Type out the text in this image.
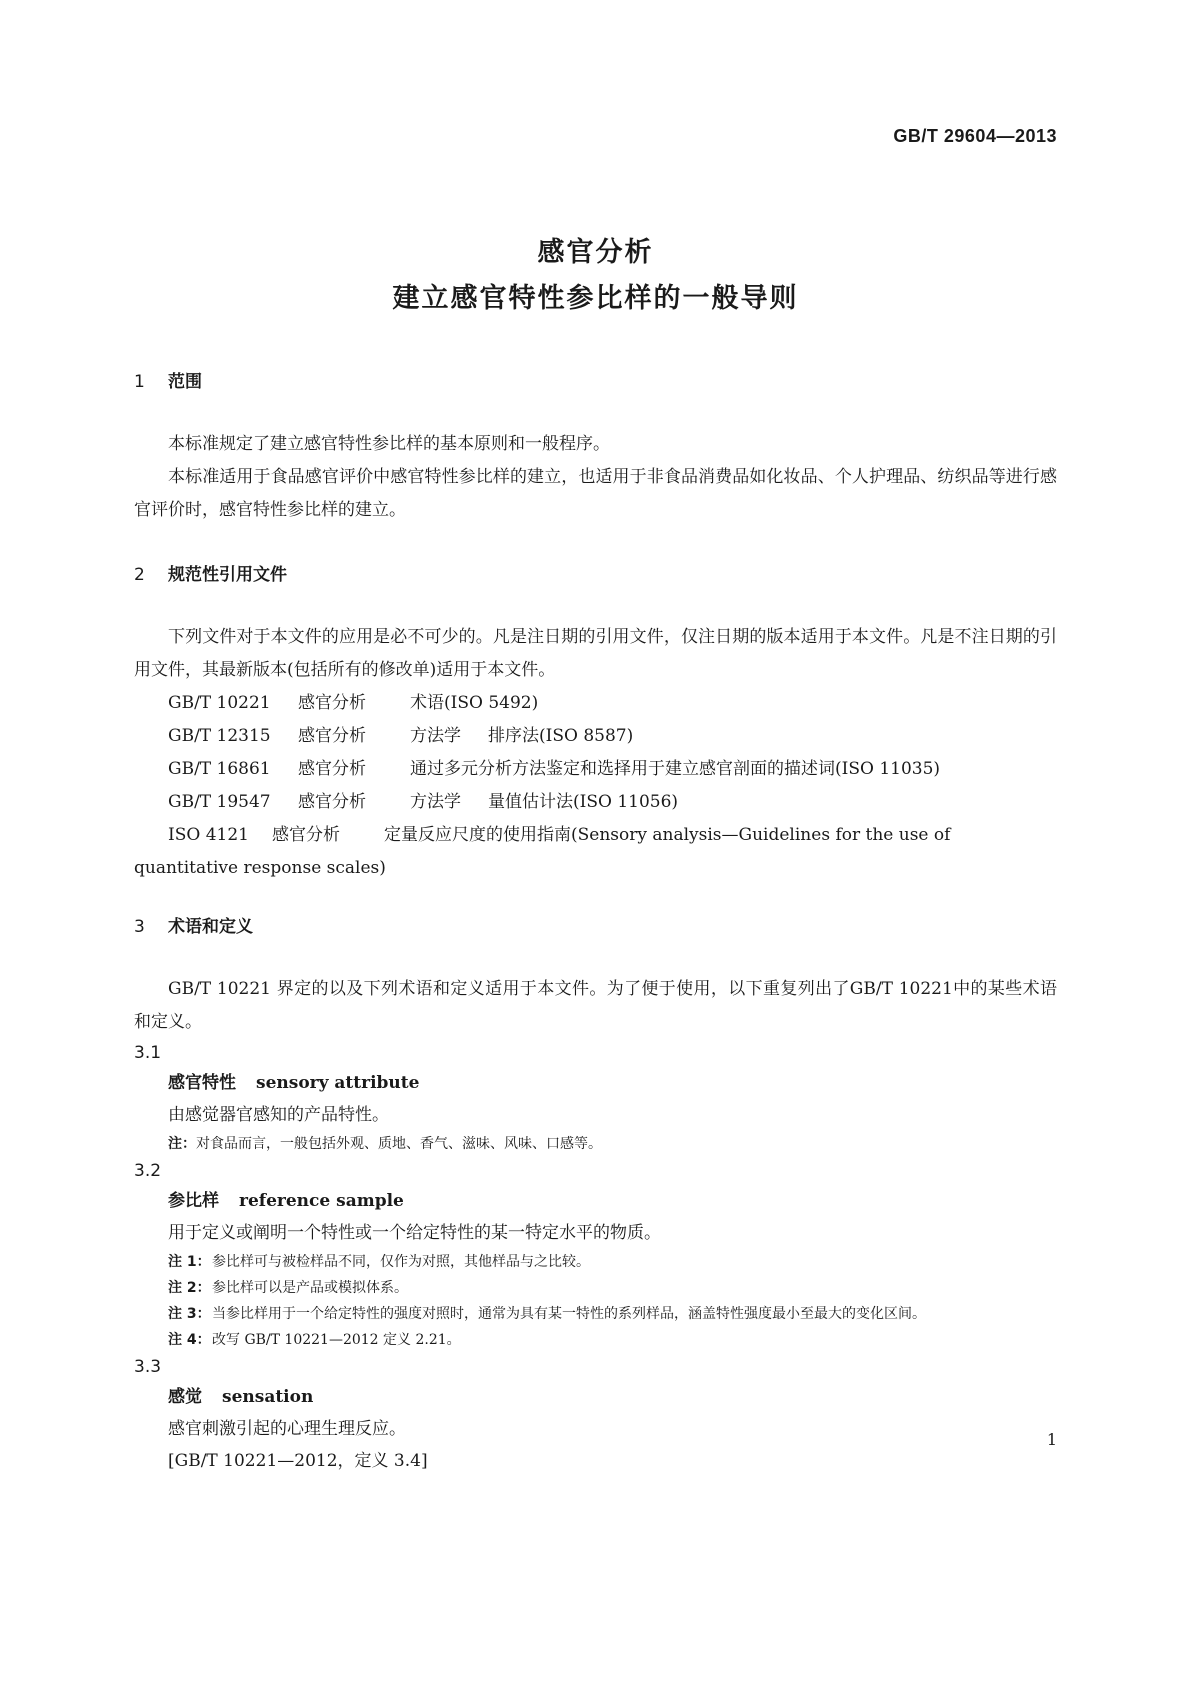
GB/T 29604—2013
感官分析
建立感官特性参比样的一般导则

1 范围

本标准规定了建立感官特性参比样的基本原则和一般程序。

本标准适用于食品感官评价中感官特性参比样的建立，也适用于非食品消费品如化妆品、个人护理品、纺织品等进行感官评价时，感官特性参比样的建立。

2 规范性引用文件

下列文件对于本文件的应用是必不可少的。凡是注日期的引用文件，仅注日期的版本适用于本文件。凡是不注日期的引用文件，其最新版本(包括所有的修改单)适用于本文件。

GB/T 10221 感官分析	术语(ISO 5492)

GB/T 12315 感官分析	方法学 排序法(ISO 8587)

GB/T 16861 感官分析	通过多元分析方法鉴定和选择用于建立感官剖面的描述词(ISO 11035)

GB/T 19547 感官分析	方法学 量值估计法(ISO 11056)

ISO 4121 感官分析	定量反应尺度的使用指南(Sensory analysis—Guidelines for the use of

quantitative response scales)

3 术语和定义

GB/T 10221 界定的以及下列术语和定义适用于本文件。为了便于使用，以下重复列出了GB/T 10221中的某些术语和定义。

3.1

感官特性 sensory attribute

由感觉器官感知的产品特性。

注： 对食品而言，一般包括外观、质地、香气、滋味、风味、口感等。

3.2

参比样 reference sample

用于定义或阐明一个特性或一个给定特性的某一特定水平的物质。

注 1： 参比样可与被检样品不同，仅作为对照，其他样品与之比较。

注 2： 参比样可以是产品或模拟体系。

注 3： 当参比样用于一个给定特性的强度对照时，通常为具有某一特性的系列样品，涵盖特性强度最小至最大的变化区间。

注 4： 改写 GB/T 10221—2012 定义 2.21。

3.3

感觉 sensation

感官刺激引起的心理生理反应。

[GB/T 10221—2012，定义 3.4]

1
